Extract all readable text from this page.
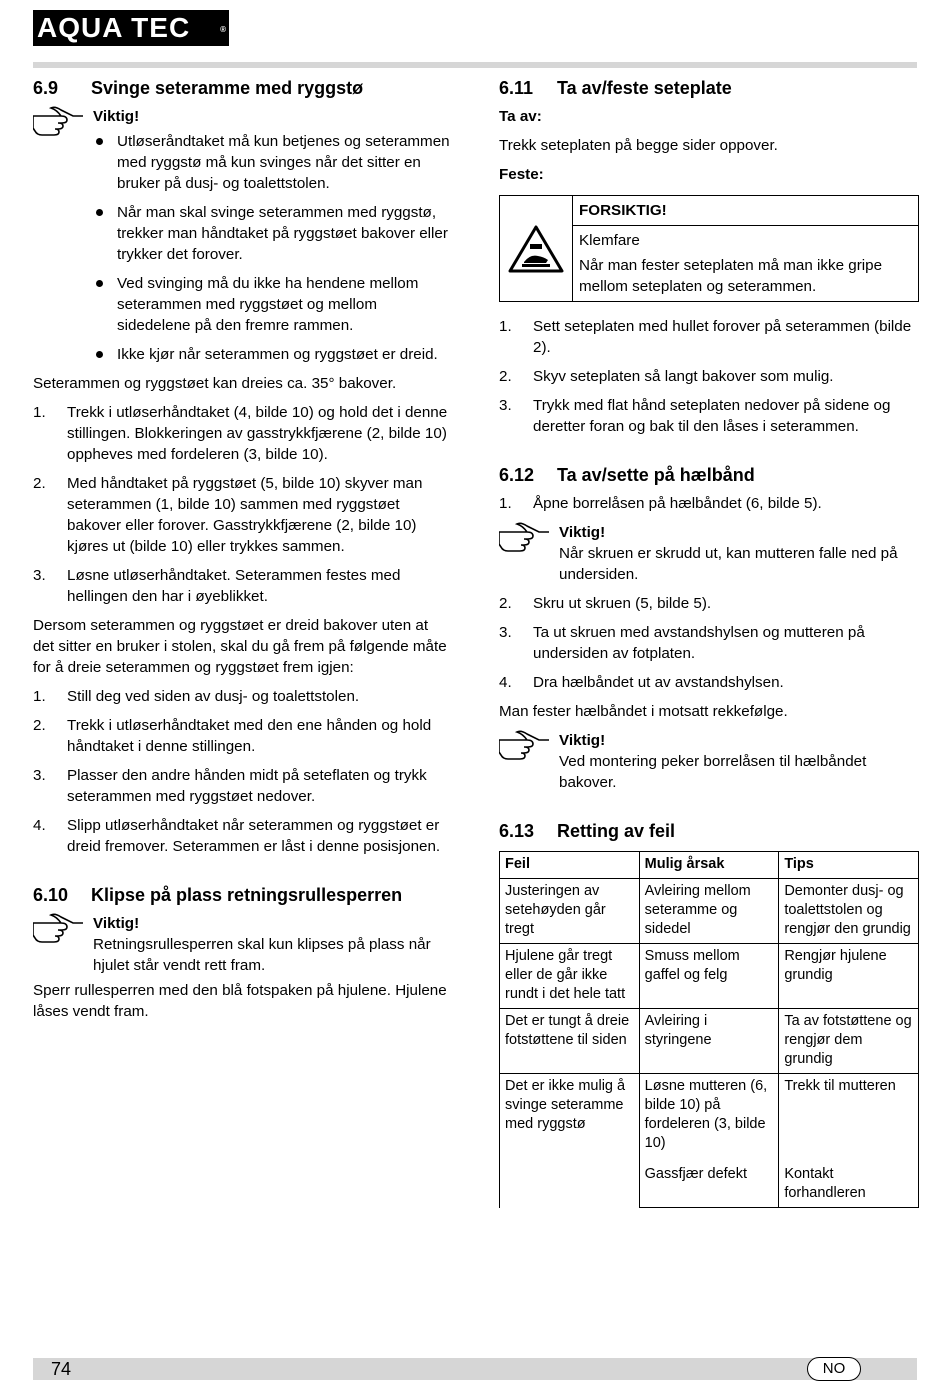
AQUA TEC	®
6.9 Svinge seteramme med ryggstø
Viktig!
Utløseråndtaket må kun betjenes og seterammen med ryggstø må kun svinges når det sitter en bruker på dusj- og toalettstolen.
Når man skal svinge seterammen med ryggstø, trekker man håndtaket på ryggstøet bakover eller trykker det forover.
Ved svinging må du ikke ha hendene mellom seterammen med ryggstøet og mellom sidedelene på den fremre rammen.
Ikke kjør når seterammen og ryggstøet er dreid.

Seterammen og ryggstøet kan dreies ca. 35° bakover.

1. Trekk i utløserhåndtaket (4, bilde 10) og hold det i denne stillingen. Blokkeringen av gasstrykkfjærene (2, bilde 10) oppheves med fordeleren (3, bilde 10).
2. Med håndtaket på ryggstøet (5, bilde 10) skyver man seterammen (1, bilde 10) sammen med ryggstøet bakover eller forover. Gasstrykkfjærene (2, bilde 10) kjøres ut (bilde 10) eller trykkes sammen.
3. Løsne utløserhåndtaket. Seterammen festes med hellingen den har i øyeblikket.

Dersom seterammen og ryggstøet er dreid bakover uten at det sitter en bruker i stolen, skal du gå frem på følgende måte for å dreie seterammen og ryggstøet frem igjen:

1. Still deg ved siden av dusj- og toalettstolen.
2. Trekk i utløserhåndtaket med den ene hånden og hold håndtaket i denne stillingen.
3. Plasser den andre hånden midt på seteflaten og trykk seterammen med ryggstøet nedover.
4. Slipp utløserhåndtaket når seterammen og ryggstøet er dreid fremover. Seterammen er låst i denne posisjonen.
6.10 Klipse på plass retningsrullesperren
Viktig!
Retningsrullesperren skal kun klipses på plass når hjulet står vendt rett fram.

Sperr rullesperren med den blå fotspaken på hjulene. Hjulene låses vendt fram.

6.11 Ta av/feste seteplate
Ta av:

Trekk seteplaten på begge sider oppover.

Feste:
FORSIKTIG!
Klemfare
Når man fester seteplaten må man ikke gripe mellom seteplaten og seterammen.
1. Sett seteplaten med hullet forover på seterammen (bilde 2).
2. Skyv seteplaten så langt bakover som mulig.
3. Trykk med flat hånd seteplaten nedover på sidene og deretter foran og bak til den låses i seterammen.
6.12 Ta av/sette på hælbånd
1. Åpne borrelåsen på hælbåndet (6, bilde 5).
Viktig!
Når skruen er skrudd ut, kan mutteren falle ned på undersiden.
2. Skru ut skruen (5, bilde 5).
3. Ta ut skruen med avstandshylsen og mutteren på undersiden av fotplaten.
4. Dra hælbåndet ut av avstandshylsen.

Man fester hælbåndet i motsatt rekkefølge.

Viktig!
Ved montering peker borrelåsen til hælbåndet bakover.
6.13 Retting av feil
Feil	Mulig årsak	Tips
Justeringen av setehøyden går tregt	Avleiring mellom seteramme og sidedel	Demonter dusj- og toalettstolen og rengjør den grundig
Hjulene går tregt eller de går ikke rundt i det hele tatt	Smuss mellom gaffel og felg	Rengjør hjulene grundig
Det er tungt å dreie fotstøttene til siden	Avleiring i styringene	Ta av fotstøttene og rengjør dem grundig
Det er ikke mulig å svinge seteramme med ryggstø	Løsne mutteren (6, bilde 10) på fordeleren (3, bilde 10)	Trekk til mutteren
	Gassfjær defekt	Kontakt forhandleren
74	NO
